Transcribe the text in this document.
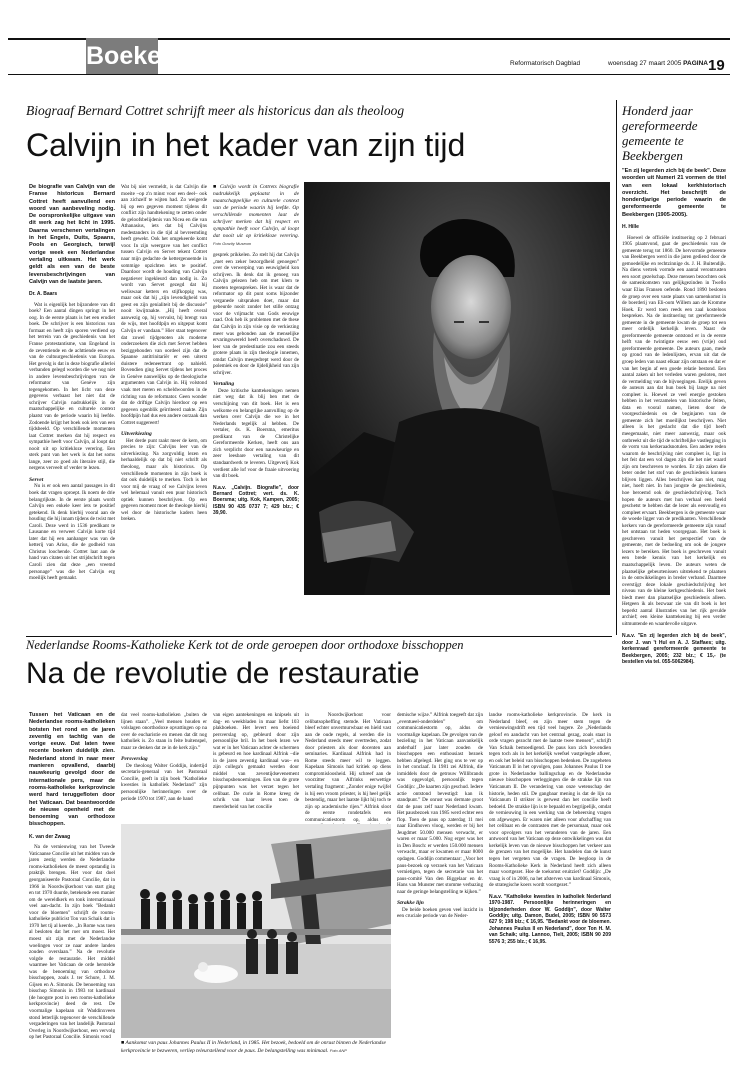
Boeken	Reformatorisch Dagblad	woensdag 27 maart 2005 PAGINA 19
Biograaf Bernard Cottret schrijft meer als historicus dan als theoloog
Calvijn in het kader van zijn tijd

De biografie van Calvijn van de Franse historicus Bernard Cottret heeft aanvullend een woord van aanbeveling nodig. De oorspronkelijke uitgave van dit werk zag het licht in 1995. Daarna verschenen vertalingen in het Engels, Duits, Spaans, Pools en Georgisch, terwijl vorige week een Nederlandse vertaling uitkwam. Het werk geldt als een van de beste levensbeschrijvingen van Calvijn van de laatste jaren.

Dr. A. Baars

Wat is eigenlijk het bijzondere van dit boek? Een aantal dingen springt in het oog. In de eerste plaats is het een erudiet boek. De schrijver is een historicus van formaat en heeft zijn sporen verdiend op het terrein van de geschiedenis van het Franse protestantisme, van Engeland in de zeventiende en de achttiende eeuw en van de cultuurgeschiedenis van Europa. Het gevolg is dat in deze biografie allerlei verbanden gelegd worden die we nog niet in andere levensbeschrijvingen van de reformator van Genève zijn tegengekomen. In het licht van deze gegevens verbaast het niet dat de schrijver Calvijn nadrukkelijk in de maatschappelijke en culturele context plaatst van de periode waarin hij leefde. Zodoende krijgt het boek ook iets van een tijdsbeeld. Op verschillende momenten laat Cottret merken dat hij respect en sympathie heeft voor Calvijn, al loopt dat nooit uit op kritiekloze verering. Een sterk punt van het werk is dat het soms lange, zeer zo goed als literaire stijl, die nergens verveelt of verder te lezen.

Servet

Nu is er ook een aantal passages in dit boek dat vragen oproept. Ik noem de drie belangrijkste. In de eerste plaats wordt Calvijn een enkele keer iets te positief getekend. Ik denk hierbij vooral aan de houding die hij innam tijdens de twist met Caroli. Deze werd in 1536 predikant te Lausanne en verweet Calvijn korte tijd later dat hij een aanhanger was van de ketterij van Arius, die de godheid van Christus loochende. Cottret laat aan de hand van citaten uit het strijdschrift tegen Caroli zien dat deze „een vreemd personage” was die het Calvijn erg moeilijk heeft gemaakt.

Wat bij niet vermeldt, is dat Calvijn die moeite –op z'n minst voor een deel– ook aan zichzelf te wijten had. Zo weigerde hij op een gegeven moment tijdens dit conflict zijn handtekening te zetten onder de geloofsbelijdenis van Nicea en die van Athanasius, iets dat bij Calvijns medestanders in die tijd al bevreemding heeft gewekt. Ook het omgekeerde komt voor. In zijn weergave van het conflict tussen Calvijn en Servet tekent Cottret naar mijn gedachte de kettergenoemde in sommige opzichten iets te positief. Daardoor wordt de houding van Calvijn negatiever ingekleurd dan nodig is. Zo wordt van Servet gezegd dat hij weliswaar ketters en stijfkoppig was, maar ook dat hij „zijn levendigheid van geest en zijn genialiteit bij de discussie” nooit kwijtraakte. „Hij heeft overal aanwezig op, hij vervalst, hij brengt van de wijs, met hoofdpijn en uitgeput komt Calvijn er vandaan.” Hier staat tegenover dat zowel tijdgenoten als moderne onderzoekers die zich met Servet hebben beziggehouden van oordeel zijn dat de Spaanse antitrinitariër er een uiterst duistere redeneertrant op nahield. Bovendien ging Servet tijdens het proces in Genève nauwelijks op de theologische argumenten van Calvijn in. Hij volstond vaak met meren en scheldwoorden in de richting van de reformator. Geen wonder dat de driftige Calvijn hierdoor op een gegeven ogenblik geïrriteerd raakte. Zijn hoofdpijn had dus een andere oorzaak dan Cottret suggereert!

Uitverkiezing

Het derde punt raakt meer de kern, om precies te zijn: Calvijns leer van de uitverkiezing. Na zorgvuldig lezen en herhaaldelijk op dat bij niet schrift als theoloog, maar als historicus. Op verschillende momenten in zijn boek is dat ook duidelijk te merken. Toch is het voor mij de vraag of we Calvijns leven wel helemaal vanuit een puur historisch optiek kunnen beschrijven. Op een gegeven moment moet de theologe hierbij wel door de historische kaders heen breken.

■ Calvijn wordt in Cottrets biografie nadrukkelijk geplaatst in de maatschappelijke en culturele context van de periode waarin hij leefde. Op verschillende momenten laat de schrijver merken dat hij respect en sympathie heeft voor Calvijn, al loopt dat nooit uit op kritiekloze verering. Foto Gravity Museum

gesprek prikkelen. Zo stelt hij dat Calvijn „met een zeker bezorgdheid genoegen” over de verwerping van eeuwigheid kon schrijven. Ik denk dat ik genoeg van Calvijn gelezen heb om met klem te moeten tegenspreken. Het is waar dat de reformator op dit punt soms bijzonder verganede uitspraken doet, maar dat gebeurde nooit zonder het stille ontzag voor de vrijmacht van Gods eeuwige raad. Ook heb ik problemen met de these dat Calvijn in zijn visie op de verkiezing meer was gebonden aan de menselijke ervaringswereld heeft overschaduwd. De leer van de predestinatie zou een steeds grotere plaats in zijn theologie innemen, omdat Calvijn meegedrept werd door de polemiek en door de lijdelijkheid van zijn schrijver.

Vertaling

Deze kritische kanttekeningen nemen niet weg dat ik blij ben met de verschijning van dit boek. Het is een welkome en belangrijke aanvulling op de werken over Calvijn die we in het Nederlands tegelijk al hebben. De vertaler, ds. K. Boersma, emeritus predikant van de Christelijke Gereformeerde Kerken, heeft ons aan zich verplicht door een nauwkeurige en zeer leesbare vertaling van dit standaardwerk te leveren. Uitgeverij Kok verdient alle lof voor de fraaie uitvoering van dit boek.

N.a.v. „Calvijn. Biografie”, door Bernard Cottret; vert. ds. K. Boersma; uitg. Kok, Kampen, 2005; ISBN 90 435 0737 7; 429 blz.; € 39,90.

Honderd jaar gereformeerde gemeente te Beekbergen

"En zij legerden zich bij de beek". Deze woorden uit Numeri 21 vormen de titel van een lokaal kerkhistorisch overzicht. Het beschrijft de honderdjarige periode waarin de gereformeerde gemeente te Beekbergen (1905-2005).

H. Hille

Hoewel de officiële instituering op 2 februari 1905 plaatsvond, gaat de geschiedenis van de gemeente terug tot 1860. De hervormde gemeente van Beekbergen werd in die jaren gediend door de gemoedelijke en rechtzinnige ds. J. H. Buitendijk. Na diens vertrek vormde een aantal verontrusten een soort gezelschap. Deze mensen bezochten ook de samenkomsten van gelijkgezinden in Twello waar Elias Fransen oefende. Rond 1890 besloten de groep over een vaste plaats van samenkomst in de boerderij van Eli-oom Willem aan de Kromme Hoek. Er werd toen reeds een zaal kosteloos bespreken. Na de instituering tot gereformeerde gemeente in de gemeente kwam de groep tot een meer ordelijk kerkelijk leven. Naast de gereformeerde gemeente ontstond er in de eerste helft van de twintigste eeuw een (vrije) oud gereformeerde gemeente. De auteurs gaan, mede op grond van de ledenlijsten, ervan uit dat de groep leden van naast elkaar zijn ontstaan en dat er van het begin af een goede relatie bestond. Een aantal zaken uit het verleden waren gesloten, met de vermelding van de bijvoegingen. Erelijk geven de auteurs aan dat hun boek bij lange na niet compleet is. Hoewel ze veel energie gestoken hebben in het verzamelen van historische feiten, data en vooral namen, lieten door de voorgeschiedenis en de beginjaren van de gemeente zich het moeilijkst beschrijven. Niet alleen is het geslacht dat die tijd heeft meegemaakt, niet meer aanwezig, maar ook ontbreekt uit die tijd de schriftelijke vastlegging in de vorm van kerkeraadsnotulen. Een andere reden waarom de beschrijving niet compleet is, ligt in het feit dat een vol dagen zijn die het niet waard zijn om beschreven te worden. Er zijn zaken die beter onder het stof van de geschiedenis kunnen blijven liggen. Alles beschrijven kan niet, mag niet, hoeft niet. In hun jongste de geschiedenis, hoe beroemd ook de geschiedschrijving. Toch hopen de auteurs met hun verhaal een beeld geschetst te hebben dat de lezer als eenvoudig en compleet ervaart. Beekbergen is de gemeente waar de woede ligger van de predikanten. Verschillende kerkers van de gereformeerde gemeente zijn vanaf het ontstaan tot heden voorgegaan. Het boek is geschreven vanuit het perspectief van de gemeente, met de bedoeling om ook de jongere lezers te bereiken. Het boek is geschreven vanuit een brede kennis van het kerkelijk en maatschappelijk leven. De auteurs weten de plaatselijke gebeurtenissen uitstekend te plaatsen in de ontwikkelingen in breder verband. Daarmee overstijgt deze lokale geschiedschrijving het niveau van de kleine kerkgeschiedenis. Het boek biedt meer dan plaatselijke geschiedenis alleen. Hetgeen ik als bezwaar zie van dit boek is het beperkt aantal illustraties van het rijk gevulde archief; een kleine kanttekening bij een verder uitmuntende en waardevolle uitgave.

N.a.v. "En zij legerden zich bij de beek", door J. van 't Hul en A. J. Staffaes; uitg. kerkenraad gereformeerde gemeente te Beekbergen, 2005; 232 blz.; € 15,- (te bestellen via tel. 055-5062984).

Nederlandse Rooms-Katholieke Kerk tot de orde geroepen door orthodoxe bisschoppen
Na de revolutie de restauratie

Tussen het Vaticaan en de Nederlandse rooms-katholieken botsten het rond en de jaren zeventig en tachtig van de vorige eeuw. Dat laten twee recente boeken duidelijk zien. Nederland stond in naar meer manieren opvallend, daarbij nauwkeurig gevolgd door de internationale pers, maar de rooms-katholieke kerkprovincie werd hard teruggefloten door het Vaticaan. Dat beantwoordde de nieuwe openheid met de benoeming van orthodoxe bisschoppen.

K. van der Zwaag

Na de vernieuwing van het Tweede Vaticaanse Concilie uit het midden van de jaren zestig werden de Nederlandse rooms-katholieken de meest opstandig in praktijk brengen. Het voor dat doel georganiseerde Pastoraal Concilie, dat in 1966 in Noordwijkerhout van start ging en tot 1970 duurde, betekende een manier om de wereldkerk en tonk internationaal veel aan-dacht. In zijn boek "Bedankt voor de bloemen" schrijft de rooms-katholieke publicist Ton van Schaik dat in 1970 het tij al keerde. „In Rome was toen al besloten dat het roer om moest. Het moest uit zijn met de Nederlandse woelingen voor ze naar andere landen zouden overslaan.” Na de revolutie volgde de restauratie. Het middel waarmee het Vaticaan de orde herstelde was de benoeming van orthodoxe bisschoppen, zoals J. ter Schure, J. M. Gijsen en A. Simonis. De benoeming van bisschop Simonis in 1983 tot kardinaal (de hoogste post in een rooms-katholieke kerkprovincie) deed de rest. De voormalige kapelaan uit Waddinxveen stond letterlijk tegenover de verschillende vergaderingen van het landelijk Pastoraal Overleg in Noordwijkerhout, een vervolg op het Pastoraal Concilie. Simonis vond

dat veel rooms-katholieken „buiten de lijnen staan”. „Veel mensen houden er volslagen onorthodoxe opvattingen op na over de eucharistie en menen dat dit nog katholiek is. Zo staan in feite buitenspel, maar ze denken dat ze in de kerk zijn.”

Persverslag

De theoloog Walter Goddijn, indertijd secretaris-generaal van het Pastoraal Concilie, geeft in zijn boek "Katholieke kwesties in katholiek Nederland" zijn persoonlijke herinneringen over de periode 1970 tot 1987, aan de hand

van eigen aantekeningen en knipsels uit dag- en weekbladen in maar liefst 103 plakboeken. Het levert een boeiend persverslag op, gebleurd door zijn persoonlijke bril. In het boek lezen we wat er in het Vaticaan achter de schermen is gebeurd en hoe kardinaal Alfrink –die in de jaren zeventig kardinaal was– en zijn collega's gemaakt werden door middel van zeventijdsevenement bisschopsbenoemingen. Een van de grote pijnpunten was het verzet tegen het celibaat. De curie in Rome kreeg de schrik van haar leven toen de meerderheid van het concilie

in Noordwijkerhout voor celibatsopheffing stemde. Het Vaticaan bleef echter onvermurwbaar en hield vast aan de oude regels, al werden die in Nederland steeds meer overtreden, zodat door priesters als door docenten aan seminaries. Kardinaal Alfrink had in Rome steeds meer wil te leggen. Kapelaan Simonis had kritiek op diens compromisloosheid. Hij schreef aan de voorzitter van Alfrinks eerwettige vertaling fragment: „Zonder enige twijfel is hij een vroom priester, is hij heel gelijk bestendig, maar het laatste lijkt hij toch te zijn op academische rijen.” Alfrink sloot de eerste rondetafels een communicatiestorm op, aldus de

demische wijze.” Alfrink toegeeft dat zijn „eventueel-onderdelen” om communicatiestorm op, aldus de voormalige kapelaan. De gevolgen van de bezieling in het Vaticaan aanvankelijk anderhalf jaar later zouden de bisschoppen een enthousiast bezoek hebben afgelegd. Het ging ons te ver op in het conclaaf. In 1981 zei Alfrink, die inmiddels door de getrouw Willibrands was opgevolgd, persoonlijk tegen Goddijn: „De kaarten zijn geschud. Iedere actie ontstond bevestigd: kan ik standpunt.” De onrust was dermate groot dat de paus zelf naar Nederland kwam. Het pausbezoek van 1985 werd echter een flop. Toen de paus op zaterdag 11 mei naar Eindhoven vloog, werden er bij het Jeugdmet 50.000 mensen verwacht, er waren er maar 5.000. Nog erger was het in Den Bosch: er werden 150.000 mensen verwacht, maar er kwamen er maar 8000 opdagen. Goddijn commentaar: „Voor het paus-bezoek op verzoek van het Vaticaan vernietigen, tegen de secretarie van het paus-comité Van den Biggelaar en dr. Hans van Munster met stomme verbazing naar de geringe belangstelling te kijken.”

Strakke lijn

De beide boeken geven veel inzicht in een cruciale periode van de Neder-

landse rooms-katholieke kerkprovincie. De kerk in Nederland bleef, en zijn meer stem tegen de vernieuwingsdrift een tijd veel hogere. Ze „Nederlands geloof en aandacht van het centraal gezag, zoals staat in orde vragen gezocht met de laatste twee mensen”, schrijft Van Schaik bemoedigend. De paus kon zich bovendien tegen toch als in het kerkelijk weefsel vastgelegde afkeer, en ook het beleid van bisschoppen bedenken. De zogeheten Vaticanum II in het opvolgen, paus Johannes Paulus II toe grote in Nederlandse ballingschap en de Nederlandse nieuwe bisschoppen verleggingen die de strakke lijn van Vaticanum II. De verandering van onze wetenschap der historie, heden stil. De gangbaar mening is dat de lijn na Vaticanum II strikter is gerwest dan het concilie heeft bedoeld. De strakke lijn is te bepaald en begrijpelijk, omdat de vernieuwing in een werking van de beheersing vragen om afgewogen. Er waren niet alleen voor afschaffing van het celibaat en de contrasten met de persomaat, maar ook voor opvolgers van het veranderen van de jaren. Een antwoord van het Vaticaan op deze ontwikkelingen was dat kerkelijk leven van de nieuwe bisschoppen het verkeer aan de grenzen van het mogelijke. Het handelen dan de kunst tegen het vergeten van de vragen. De leegloop in de Rooms-Katholieke Kerk in Nederland heeft zich alleen maar voortgezet. Hoe de toekomst eruitziet? Goddijn: „De vraag is of in 2006, na het afsterven van kardinaal Simonis, de strategische koers wordt voortgezet.”

N.a.v. "Katholieke kwesties in katholiek Nederland 1970-1987. Persoonlijke herinneringen en bijzonderheden door W. Goddijn", door Walter Goddijn; uitg. Damon, Budel, 2005; ISBN 90 5573 627 9; 198 blz.; € 16,95. "Bedankt voor de bloemen. Johannes Paulus II en Nederland", door Ton H. M. van Schaik; uitg. Lannoo, Tielt, 2005; ISBN 90 209 5576 3; 255 blz.; € 16,95.

■ Aankomst van paus Johannes Paulus II in Nederland, in 1985. Het bezoek, bedoeld om de onrust binnen de Nederlandse kerkprovincie te bezweren, verliep teleurstellend voor de paus. De belangstelling was minimaal. Foto ANP
